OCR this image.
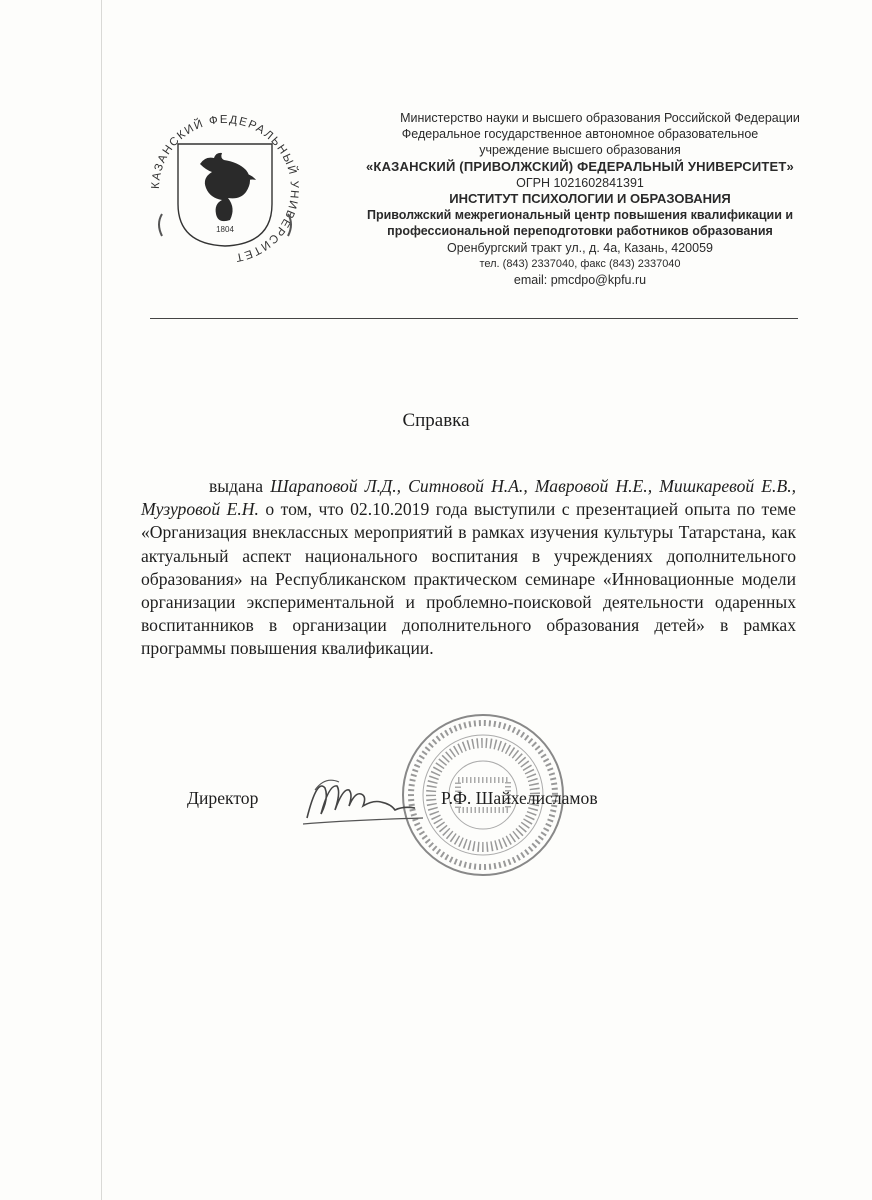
КАЗАНСКИЙ ФЕДЕРАЛЬНЫЙ УНИВЕРСИТЕТ
1804
Министерство науки и высшего образования Российской Федерации
Федеральное государственное автономное образовательное
учреждение высшего образования
«КАЗАНСКИЙ (ПРИВОЛЖСКИЙ) ФЕДЕРАЛЬНЫЙ УНИВЕРСИТЕТ»
ОГРН 1021602841391
ИНСТИТУТ ПСИХОЛОГИИ И ОБРАЗОВАНИЯ
Приволжский межрегиональный центр повышения квалификации и
профессиональной переподготовки работников образования
Оренбургский тракт ул., д. 4а, Казань, 420059
тел. (843) 2337040, факс (843) 2337040
email: pmcdpo@kpfu.ru
Справка

выдана Шараповой Л.Д., Ситновой Н.А., Мавровой Н.Е., Мишкаревой Е.В., Музуровой Е.Н. о том, что 02.10.2019 года выступили с презентацией опыта по теме «Организация внеклассных мероприятий в рамках изучения культуры Татарстана, как актуальный аспект национального воспитания в учреждениях дополнительного образования» на Республиканском практическом семинаре «Инновационные модели организации экспериментальной и проблемно-поисковой деятельности одаренных воспитанников в организации дополнительного образования детей» в рамках программы повышения квалификации.

Директор	Р.Ф. Шайхелисламов
